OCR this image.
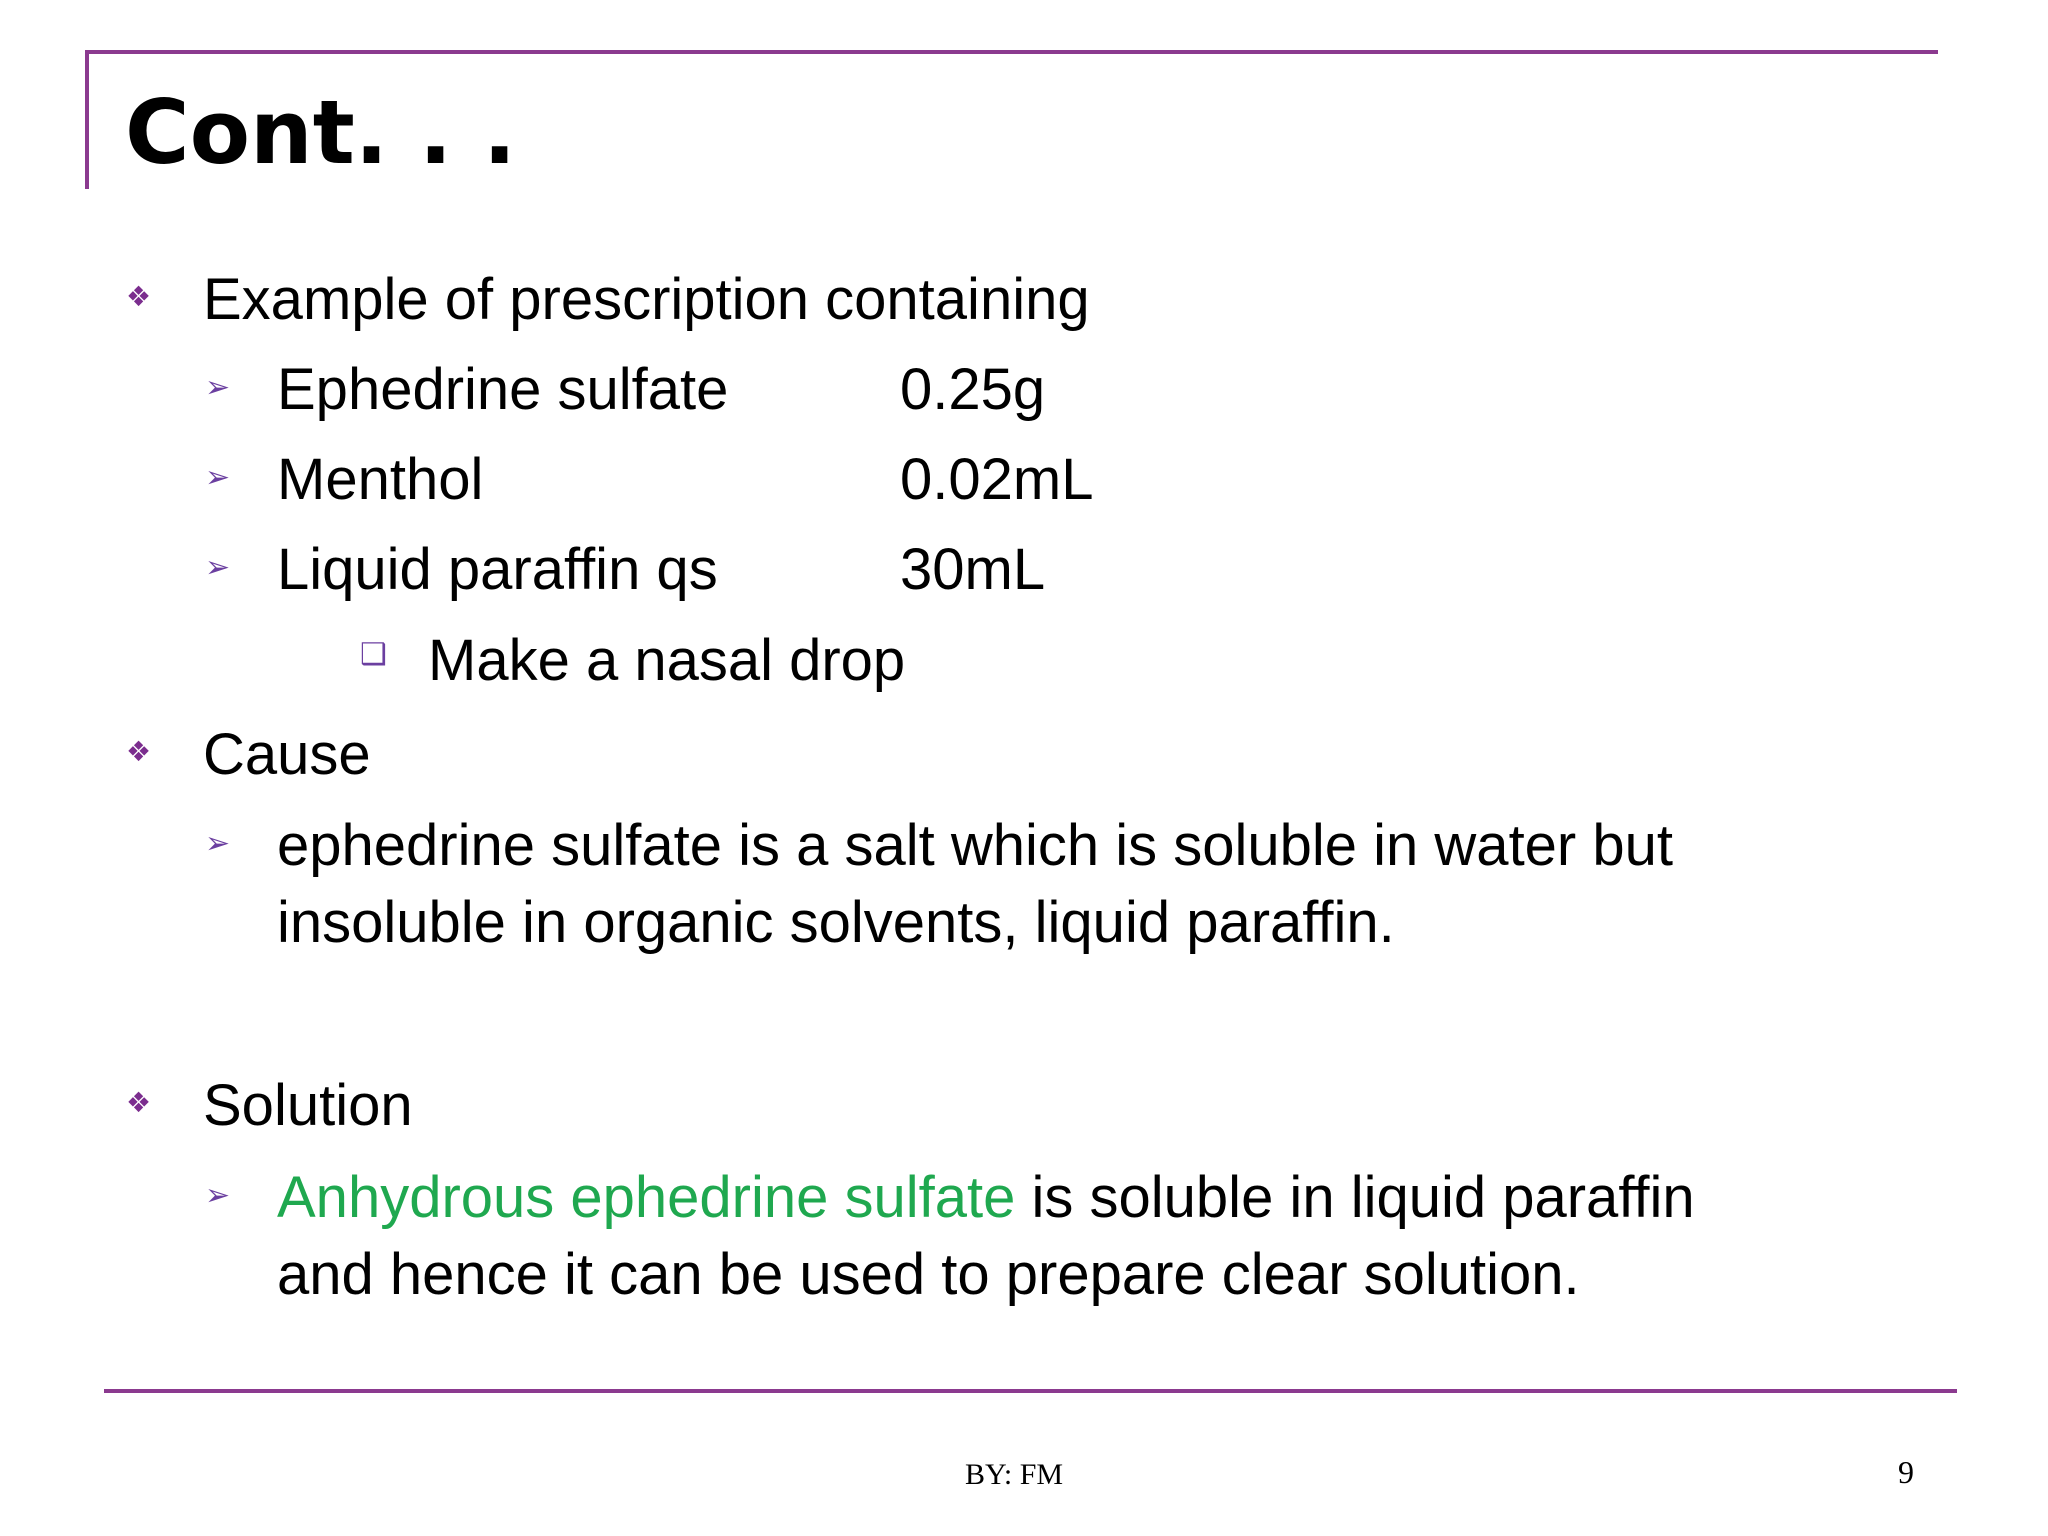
Cont. . .
❖ Example of prescription containing
➢ Ephedrine sulfate	0.25g
➢ Menthol	0.02mL
➢ Liquid paraffin qs	30mL
❑ Make a nasal drop
❖ Cause
➢ ephedrine sulfate is a salt which is soluble in water but
insoluble in organic solvents, liquid paraffin.
❖ Solution
➢ Anhydrous ephedrine sulfate is soluble in liquid paraffin
and hence it can be used to prepare clear solution.
BY: FM	9
